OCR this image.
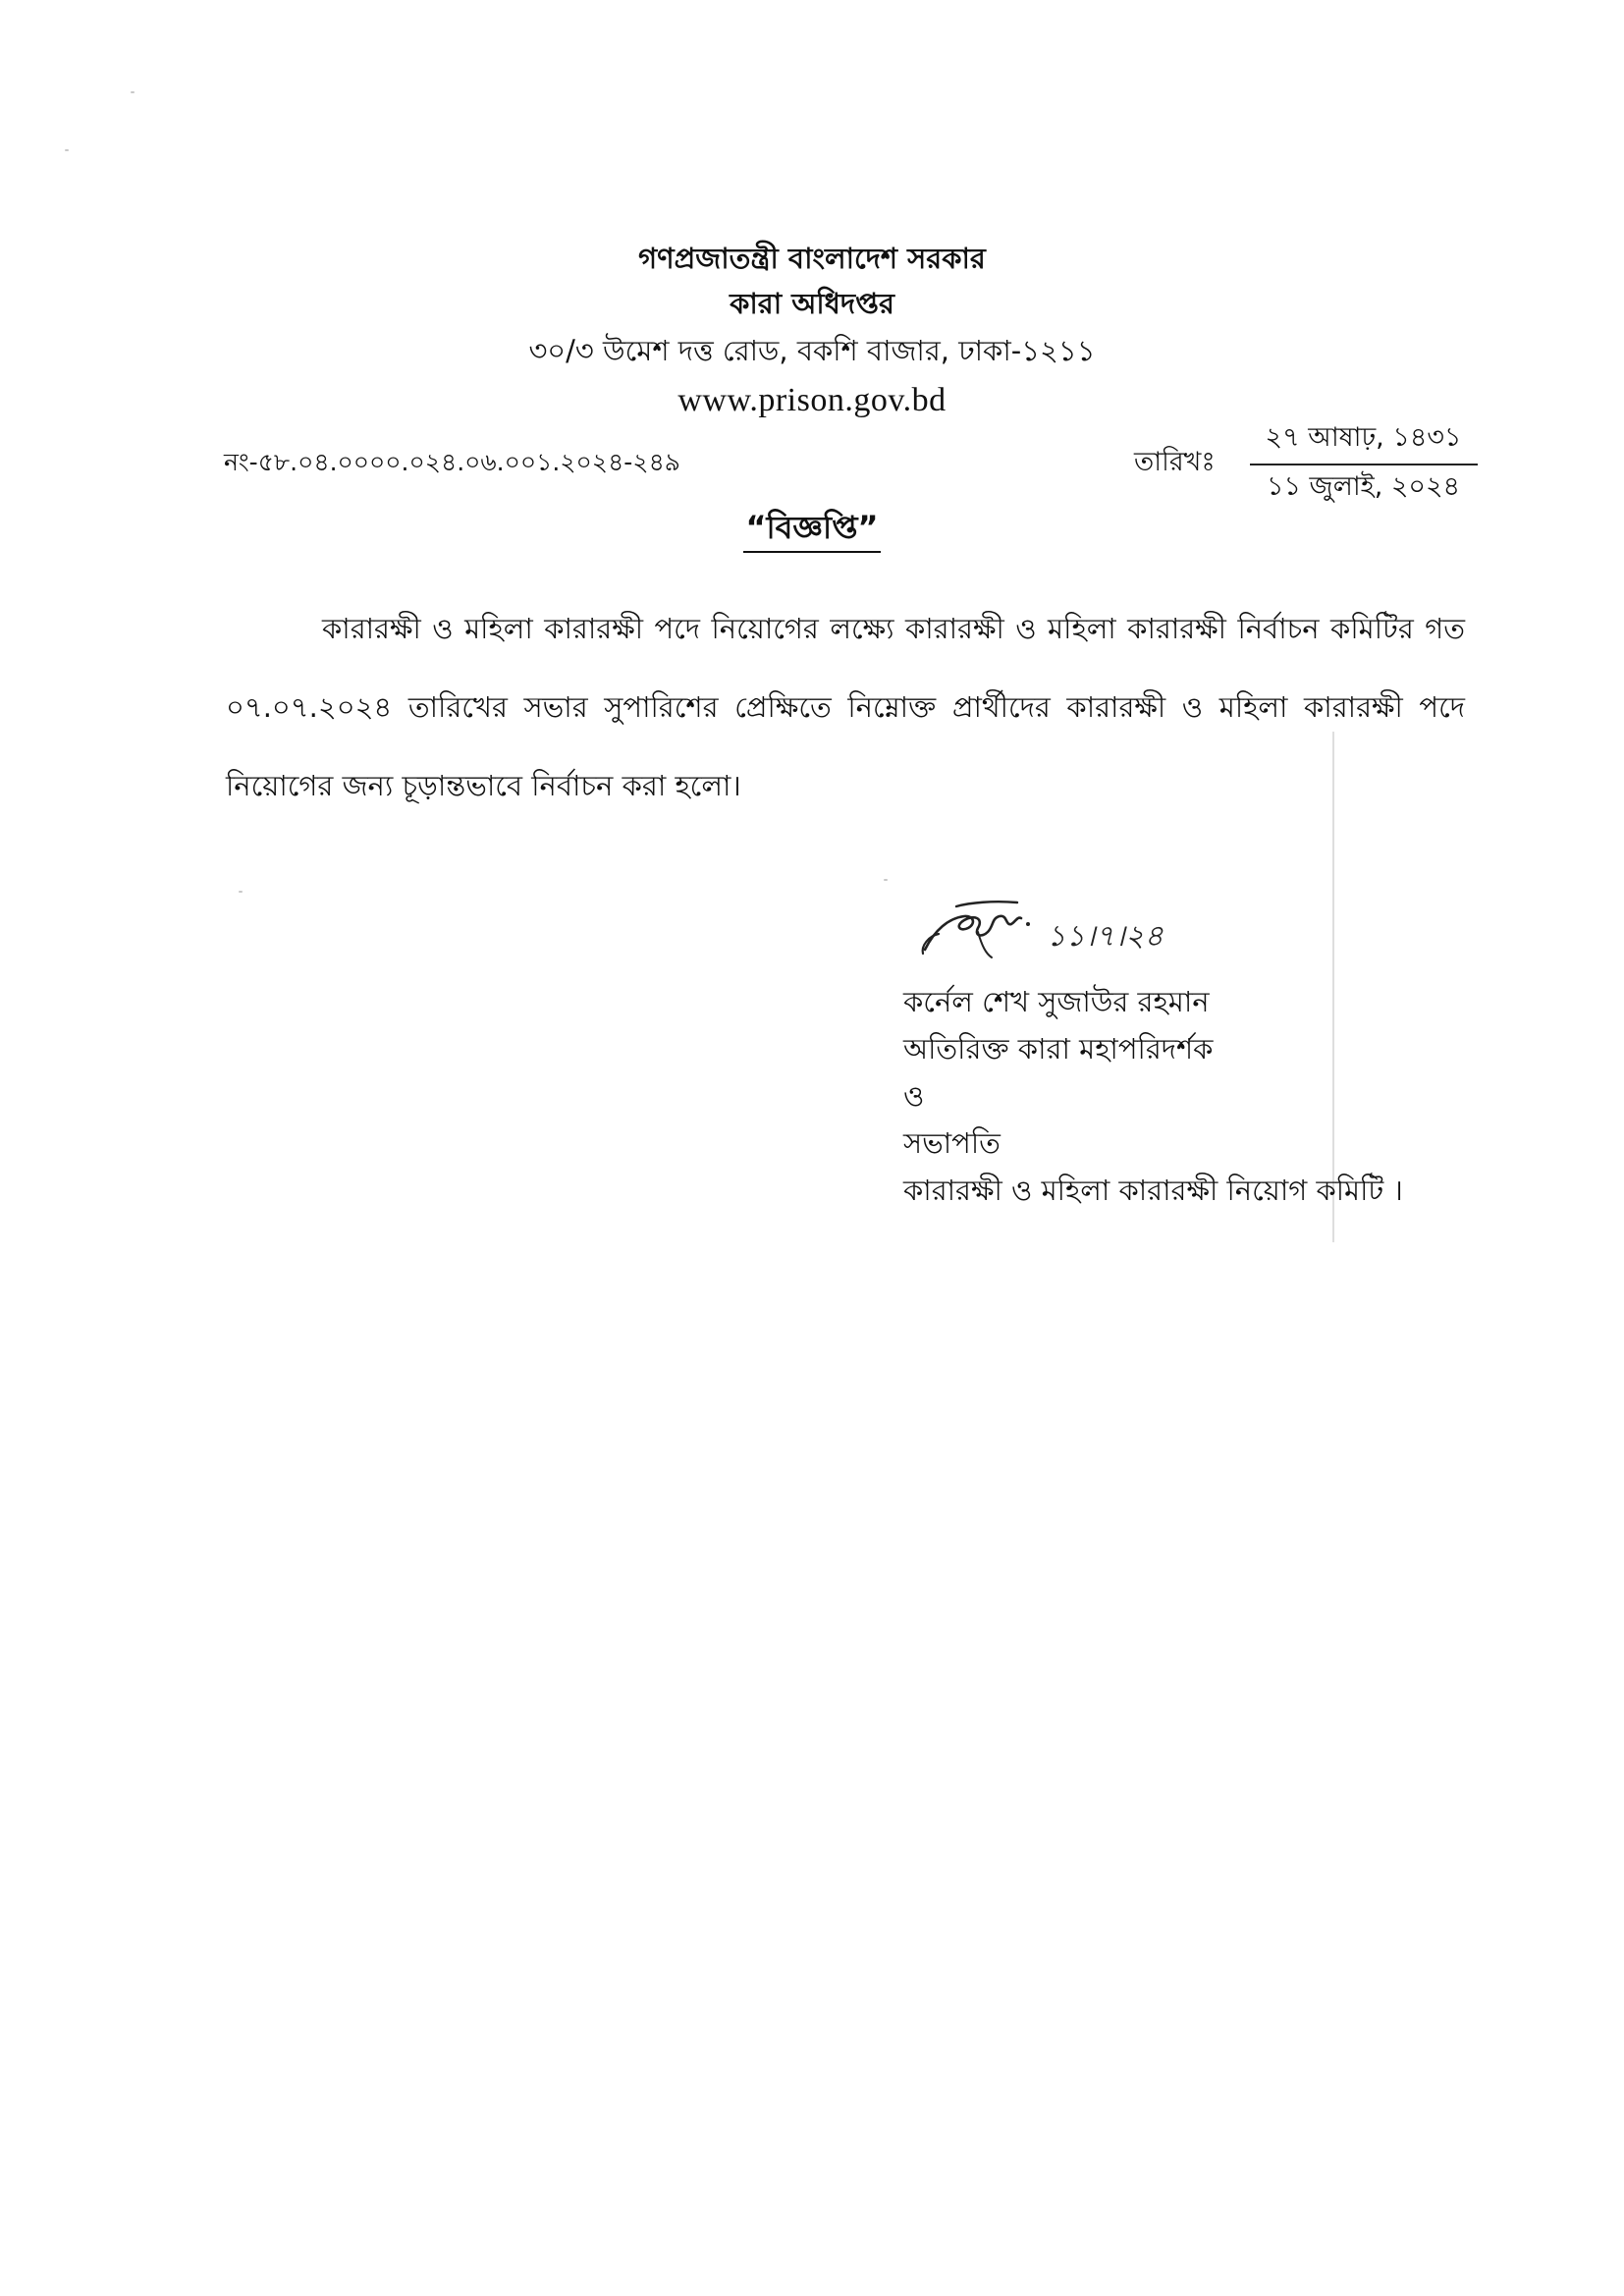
গণপ্রজাতন্ত্রী বাংলাদেশ সরকার
কারা অধিদপ্তর
৩০/৩ উমেশ দত্ত রোড, বকশি বাজার, ঢাকা-১২১১
www.prison.gov.bd
নং-৫৮.০৪.০০০০.০২৪.০৬.০০১.২০২৪-২৪৯	তারিখঃ
২৭ আষাঢ়, ১৪৩১
১১ জুলাই, ২০২৪
“বিজ্ঞপ্তি”

কারারক্ষী ও মহিলা কারারক্ষী পদে নিয়োগের লক্ষ্যে কারারক্ষী ও মহিলা কারারক্ষী নির্বাচন কমিটির গত ০৭.০৭.২০২৪ তারিখের সভার সুপারিশের প্রেক্ষিতে নিম্নোক্ত প্রার্থীদের কারারক্ষী ও মহিলা কারারক্ষী পদে নিয়োগের জন্য চূড়ান্তভাবে নির্বাচন করা হলো।

১১।৭।২৪
কর্নেল শেখ সুজাউর রহমান
অতিরিক্ত কারা মহাপরিদর্শক
ও
সভাপতি
কারারক্ষী ও মহিলা কারারক্ষী নিয়োগ কমিটি ।
